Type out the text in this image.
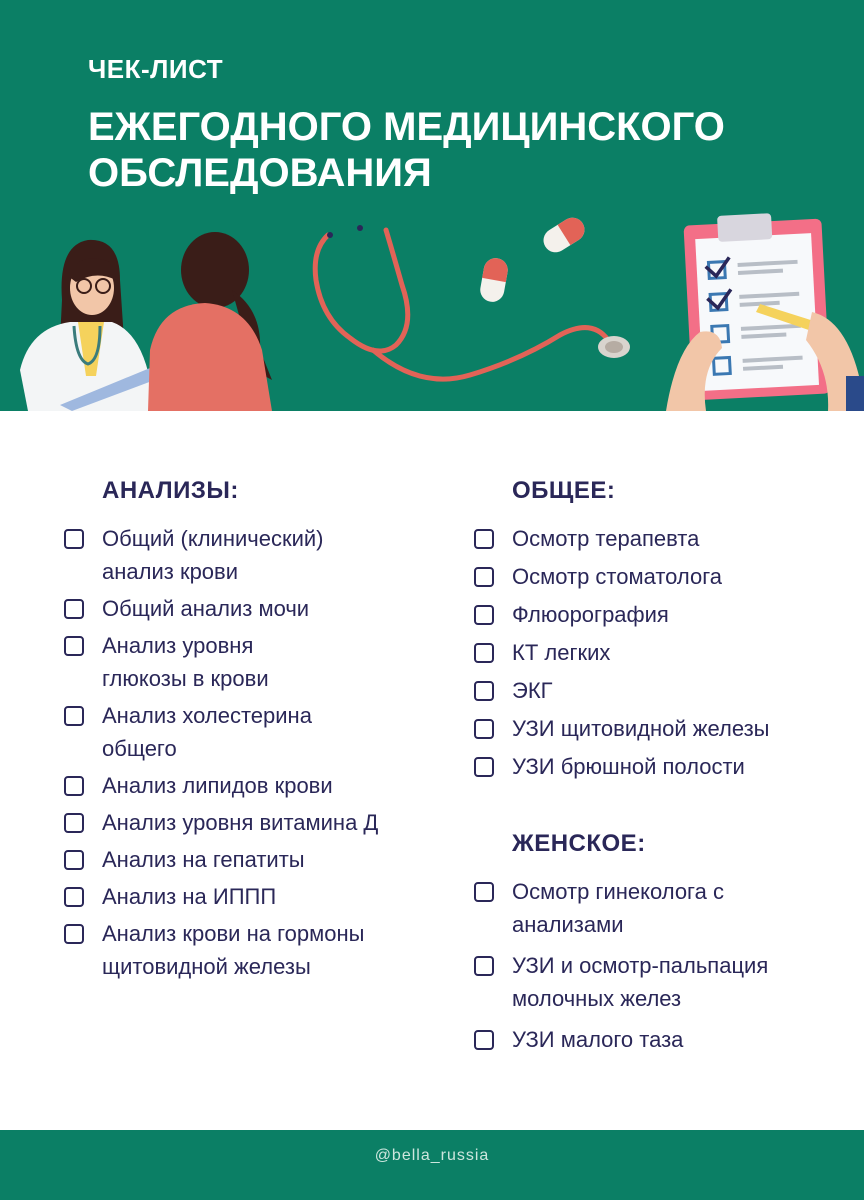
ЧЕК-ЛИСТ
ЕЖЕГОДНОГО МЕДИЦИНСКОГО
ОБСЛЕДОВАНИЯ
АНАЛИЗЫ:
Общий (клинический)
анализ крови
Общий анализ мочи
Анализ уровня
глюкозы в крови
Анализ холестерина
общего
Анализ липидов крови
Анализ уровня витамина Д
Анализ на гепатиты
Анализ на ИППП
Анализ крови на гормоны
щитовидной железы
ОБЩЕЕ:
Осмотр терапевта
Осмотр стоматолога
Флюорография
КТ легких
ЭКГ
УЗИ щитовидной железы
УЗИ брюшной полости
ЖЕНСКОЕ:
Осмотр гинеколога с
анализами
УЗИ и осмотр-пальпация
молочных желез
УЗИ малого таза
@bella_russia
